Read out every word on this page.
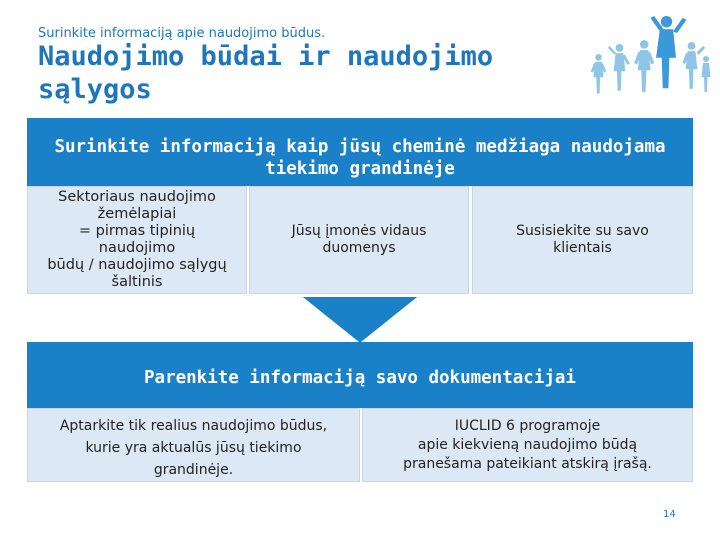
Surinkite informaciją apie naudojimo būdus.
Naudojimo būdai ir naudojimo sąlygos
Surinkite informaciją kaip jūsų cheminė medžiaga naudojama tiekimo grandinėje
Sektoriaus naudojimo
žemėlapiai
= pirmas tipinių
naudojimo
būdų / naudojimo sąlygų
šaltinis
Jūsų įmonės vidaus
duomenys
Susisiekite su savo
klientais
Parenkite informaciją savo dokumentacijai
Aptarkite tik realius naudojimo būdus,
kurie yra aktualūs jūsų tiekimo
grandinėje.
IUCLID 6 programoje
apie kiekvieną naudojimo būdą
pranešama pateikiant atskirą įrašą.
14
